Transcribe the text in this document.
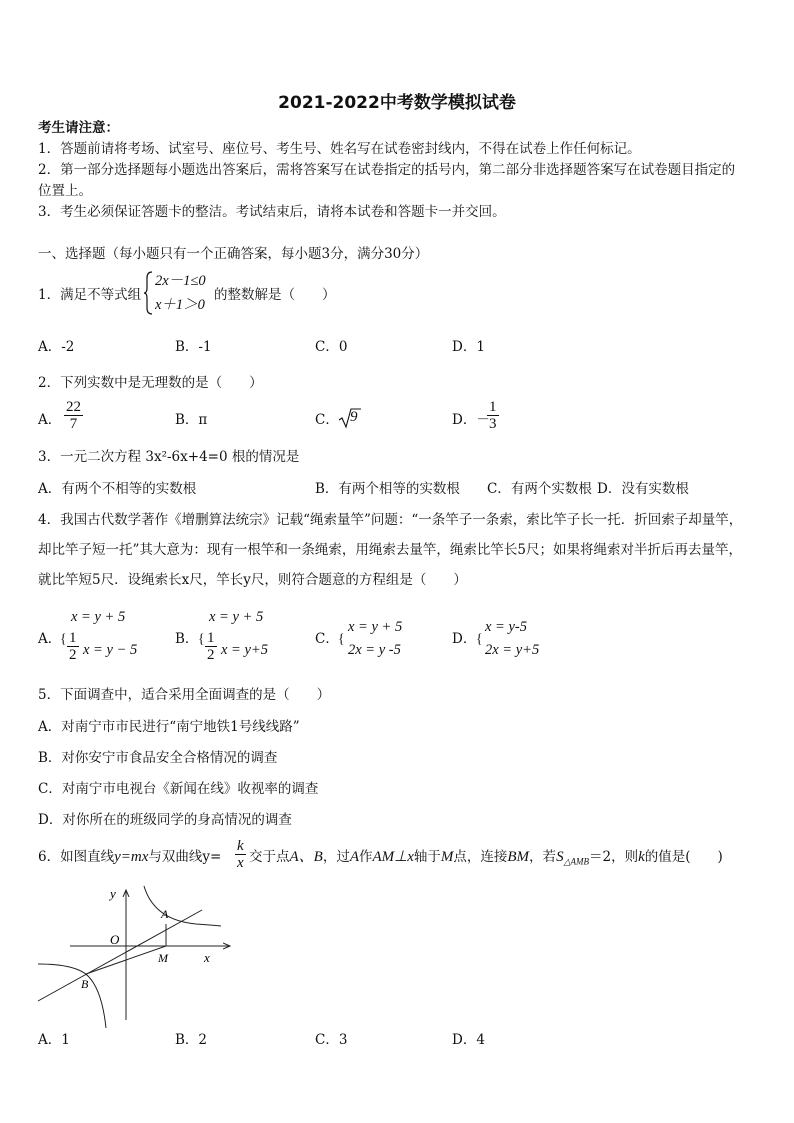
2021-2022中考数学模拟试卷
考生请注意：
1．答题前请将考场、试室号、座位号、考生号、姓名写在试卷密封线内，不得在试卷上作任何标记。
2．第一部分选择题每小题选出答案后，需将答案写在试卷指定的括号内，第二部分非选择题答案写在试卷题目指定的
位置上。
3．考生必须保证答题卡的整洁。考试结束后，请将本试卷和答题卡一并交回。
一、选择题（每小题只有一个正确答案，每小题3分，满分30分）
1．满足不等式组
2x－1≤0
x＋1＞0
的整数解是（　　）
A．-2	B．-1	C．0	D．1
2．下列实数中是无理数的是（　　）
A． $\frac{22}{7}$	B．π	C． 9	D．－
$\frac{1}{3}$
3．一元二次方程 3x²-6x+4=0 根的情况是
A．有两个不相等的实数根	B．有两个相等的实数根 C．有两个实数根 D．没有实数根
4．我国古代数学著作《增删算法统宗》记载“绳索量竿”问题：“一条竿子一条索，索比竿子长一托．折回索子却量竿，
却比竿子短一托”其大意为：现有一根竿和一条绳索，用绳索去量竿，绳索比竿长5尺；如果将绳索对半折后再去量竿，
就比竿短5尺．设绳索长x尺，竿长y尺，则符合题意的方程组是（　　）
A．
{
x = y + 5
$\frac{1}{2}$ x = y − 5
B． {
x = y + 5
$\frac{1}{2}$ x = y+5
C． {
x = y + 5
2x = y -5
D． {
x = y-5
2x = y+5
5．下面调查中，适合采用全面调查的是（　　）
A．对南宁市市民进行“南宁地铁1号线线路”
B．对你安宁市食品安全合格情况的调查
C．对南宁市电视台《新闻在线》收视率的调查
D．对你所在的班级同学的身高情况的调查
6．如图直线y=mx与双曲线$y= \frac{k}{x}$ 交于点A、B，过A作AM⊥x轴于M点，连接BM，若$S_{\triangle AMB}=2$，则k的值是(　　)
y
x
O
A
M
B
A．1	B．2	C．3	D．4
